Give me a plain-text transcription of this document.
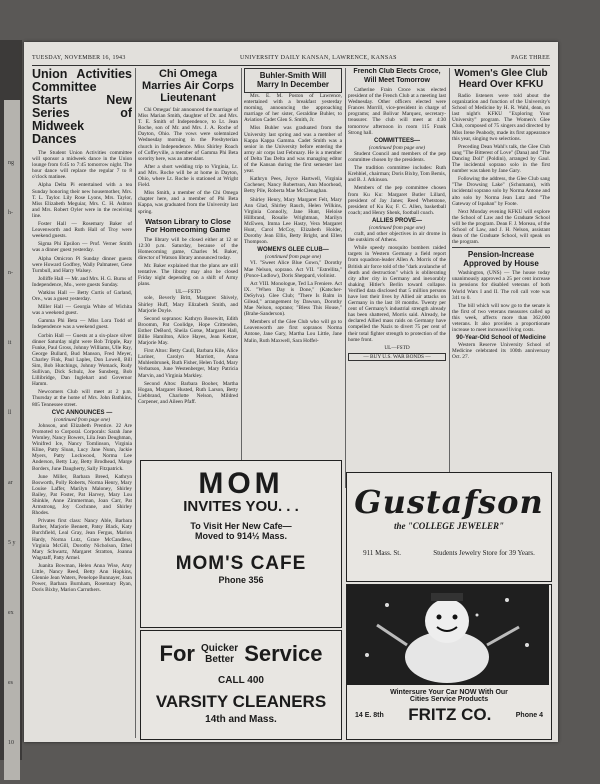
ng
h-
n-
it
ll
ar
5 y
ex
es
10
TUESDAY, NOVEMBER 16, 1943	UNIVERSITY DAILY KANSAN, LAWRENCE, KANSAS	PAGE THREE
Union Activities Committee Starts New Series of Midweek Dances

The Student Union Activities committee will sponsor a midweek dance in the Union lounge from 6:45 to 7:45 tomorrow night. The hour dance will replace the regular 7 to 8 o'clock matinee.

Alpha Delta Pi entertained with a tea Sunday honoring their new housemother, Mrs. T. L. Taylor. Lily Rose Lyons, Mrs. Taylor, Miss Elizabeth Meguiar, Mrs. C. H. Ashton and Mrs. Robert Oyler were in the receiving line.

Foster Hall — Rosemary Baker of Leavenworth and Ruth Hall of Troy were weekend guests.

Sigma Phi Epsilon — Prof. Verner Smith was a dinner guest yesterday.

Alpha Omicron Pi Sunday dinner guests were Howard Godfrey, Wally Palmateer, Gene Turnbull, and Harry Walsey.

Jolliffe Hall — Mr. and Mrs. H. G. Burns of Independence, Mo., were guests Sunday.

Watkins Hall — Betty Curtis of Garland, Ore., was a guest yesterday.

Miller Hall — Georgia White of Wichita was a weekend guest.

Gamma Phi Beta — Miss Lora Todd of Independence was a weekend guest.

Corbin Hall — Guests at a six-place silver dinner Saturday night were Bob Tripple, Ray Funke, Paul Gross, Johnny Williams, Ulle Ray, George Bullard, Bud Manson, Fred Meyer, Charley Fink, Paul Laples, Don Lowell, Bill Sim, Bob Hutchings, Johnny Womack, Rudy Sullivan, Dick Schulz, Joe Sunsberg, Bob Lillibridge, Dan Inglehart and Governor Hamm.

Newcomers Club will meet at 2 p.m. Thursday at the home of Mrs. John Bathkins, 805 Tennessee street.

CVC ANNOUNCES —
(continued from page one)

Johnson, and Elizabeth Prentice. 22 Are Promoted to Corporal. Corporals: Sarah Jane Womley, Nancy Bowers, Lila Jean Deughman, Winifred Ice, Nancy Tomlinson, Virginia Kline, Patty Sloan, Lucy Jane Nunn, Jackie Myers, Patty Lockwood, Norma Lee Anderson, Betty Lay, Betty Brodhead, Marge Borders, June Daugherty, Sally Fitzpatrick.

June Miller, Barbara Breed, Kathryn Bosworth, Polly Roberts, Norma Henry, Mary Louise Laffer, Marilyn Maloney, Shirley Bailey, Pat Foster, Pat Harvey, Mary Lou Shinkle, Anne Zimmerman, Joan Carr, Pat Armstrong, Joy Cochrane, and Shirley Rhodes.

Privates first class: Nancy Able, Barbara Barber, Marjorie Bennett, Patsy Black, Katy Burchfield, Leal Gray, Jean Fergus, Marion Hardy, Norma Lutz, Grace McCandless, Virginia McGill, Dorothy Nicholson, Ethel Mary Schwartz, Margaret Stratton, Joanna Wagstaff, Patty Armel.

Juanita Bowman, Helen Anna Wise, Amy Little, Nancy Reed, Betty Ann Hopkins, Glennie Jean Waters, Penelope Bunnayer, Joan Power, Barbara Burnham, Rosemary Ryan, Doris Bixby, Marion Carruthers.

Chi Omega Marries Air Corps Lieutenant

Chi Omegas' fair announced the marriage of Miss Marian Smith, daughter of Dr. and Mrs. T. E. Smith of Independence, to Lt. Jean Roche, son of Mr. and Mrs. J. A. Roche of Dayton, Ohio. The vows were solemnized Wednesday morning in the Presbyterian church in Independence. Miss Shirley Roach of Coffeyville, a member of Gamma Phi Beta sorority here, was an attendant.

After a short wedding trip to Virginia, Lt. and Mrs. Roche will be at home in Dayton, Ohio, where Lt. Roche is stationed at Wright Field.

Miss Smith, a member of the Chi Omega chapter here, and a member of Phi Beta Kappa, was graduated from the University last spring.

Watson Library to Close For Homecoming Game

The library will be closed either at 12 or 12:30 p.m. Saturday, because of the Homecoming game, Charles M. Baker, director of Watson library announced today.

Mr. Baker explained that the plans are still tentative. The library may also be closed Friday night depending on a shift of Army plans.

UL—FSTD

sole, Beverly Britt, Margaret Shively, Shirley Huff, Mary Elizabeth Smith, and Marjorie Doyle.

Second sopranos: Kathryn Bosewitt, Edith Broomm, Pat Coolidge, Hope Crittenden, Esther DeBord, Sheila Gotse, Margaret Hall, Billie Hamilton, Alice Hayes, Jean Ketzer, Marjorie May.

First Altos: Betty Caull, Barbara Kile, Alice Lariner, Carolyn Marriott, Anna Muhlenbrunek, Ruth Fisher, Helen Todd, Mary Verbatson, June Westenberger, Mary Patricia Marvin, and Virginia Markley.

Second Altos: Barbara Booher, Martha Hogan, Margaret Husted, Ruth Larson, Betty Liebbrand, Charlotte Nelson, Mildred Corpener, and Aileen Pfaff.

Buhler-Smith Will Marry In December

Mrs. E. M. Poston of Lawrence, entertained with a breakfast yesterday morning, announcing the approaching marriage of her sister, Geraldine Buhler, to Aviation Cadet Glen S. Smith, Jr.

Miss Buhler was graduated from the University last spring and was a member of Kappa Kappa Gamma. Cadet Smith was a senior in the University before entering the army air corps last February. He is a member of Delta Tau Delta and was managing editor of the Kansan during the first semester last year.

Kathryn Pees, Joyce Hartwell, Virginia Cochener, Nancy Robertson, Ann Moorhead, Betty Pile, Roberta Mae McClenaghan.

Shirley Henry, Mary Margaret Felt, Mary Ann Glad, Shirley Rauch, Helen Wilkins, Virginia Connolly, Jane Hunt, Heloise Hillbrand, Rosalie Wrightman, Marilyn McEwen, Imma Lee Hasty, Vera Margaret Hunt, Carol McCoy, Elizabeth Holder, Dorothy Jean Ellis, Betty Bright, and Ellen Thompson.

WOMEN'S GLEE CLUB—
(continued from page one)

VI. "Sweet Alice Blue Gown," Dorothy Mae Nelson, soprano. Act VII. "Estrellita," (Ponce-Ludlow), Doris Sheppard, violinist.

Act VIII. Monologue, Ted La Freniere. Act IX. "When Day is Done," (Katscher-DeSylva). Glee Club; "There Is Balm in Gilead," arrangement by Dawson, Dorothy Mae Nelson, soprano; "Bless This House," (Brahe-Sanderson).

Members of the Glee Club who will go to Leavenworth are first sopranos Norma Antone, Jane Gary, Martha Lou Little, Jane Malin, Ruth Maxwell, Sara Hoffel-

French Club Elects Croce, Will Meet Tomorrow

Catherine Frain Croce was elected president of the French Club at a meeting last Wednesday. Other officers elected were Frances Morrill, vice-president in charge of programs; and Bolivar Marquez, secretary-treasurer. The club will meet at 4:30 tomorrow afternoon in room 115 Frank Strong hall.

COMMITTEES—
(continued from page one)

Student Council and members of the pep committee chosen by the presidents.

The tradition committee includes: Ruth Krehbiel, chairman; Doris Bixby, Tom Bemis, and B. J. Atkinson.

Members of the pep committee chosen from Ku Ku: Margaret Butler Lillard, president of Jay Janes; Reed Whetstone, president of Ku Ku; F. C. Allen, basketball coach; and Henry Shenk, football coach.

ALLIES PROVE—
(continued from page one)

craft, and other objectives in air drome in the outskirts of Athens.

While speedy mosquito bombers raided targets in Western Germany a field report from squadron-leader Allen A. Morris of the British air force told of the "dark avalanche of death and destruction" which is obliterating city after city in Germany and inexorably shaking Hitler's Berlin toward collapse. Verified data disclosed that 5 million persons have lost their lives by Allied air attacks on Germany in the last 18 months. Twenty per cent of Germany's industrial strength already has been shattered, Morris said. Already, he declared Allied mass raids on Germany have compelled the Nazis to divert 75 per cent of their total fighter strength to protection of the home front.

UL—FSTD
— BUY U.S. WAR BONDS —
Women's Glee Club Heard Over KFKU

Radio listeners were told about the organization and function of the University's School of Medicine by H. R. Wahl, dean, on last night's KFKU "Exploring Your University" program. The Women's Glee Club, composed of 75 singers and directed by Miss Irene Peabody, made its first appearance this year, singing two selections.

Preceding Dean Wahl's talk, the Glee Club sang "The Bitterest of Love" (Dana) and "The Dancing Doll" (Poldini), arranged by Gaul. The incidental soprano solo in the first number was taken by Jane Gary.

Following the address, the Glee Club sang "The Drowsing Lake" (Schumann), with incidental soprano solo by Norma Antone and alto solo by Norma Jean Lutz and "The Gateway of Ispahan" by Foote.

Next Monday evening KFKU will explore the School of Law and the Graduate School will be the program. Dean F. J. Moreau, of the School of Law, and J. H. Nelson, assistant dean of the Graduate School, will speak on the program.

Pension-Increase Approved by House

Washington, (UNS) — The house today unanimously approved a 25 per cent increase in pensions for disabled veterans of both World Wars I and II. The roll call vote was 341 to 0.

The bill which will now go to the senate is the first of two veterans measures called up this week, affects more than 362,000 veterans. It also provides a proportionate increase to meet increased living costs.

90-Year-Old School of Medicine

Western Reserve University School of Medicine celebrated its 100th anniversary Oct. 27.

MOM
INVITES YOU. . .
To Visit Her New Cafe—
Moved to 914½ Mass.
MOM'S CAFE
Phone 356
For Quicker
Better Service
CALL 400
VARSITY CLEANERS
14th and Mass.
Gustafson
the "COLLEGE JEWELER"
911 Mass. St.	Students Jewelry Store for 39 Years.
Wintersure Your Car NOW With Our
Cities Service Products
14 E. 8th FRITZ CO.	Phone 4
